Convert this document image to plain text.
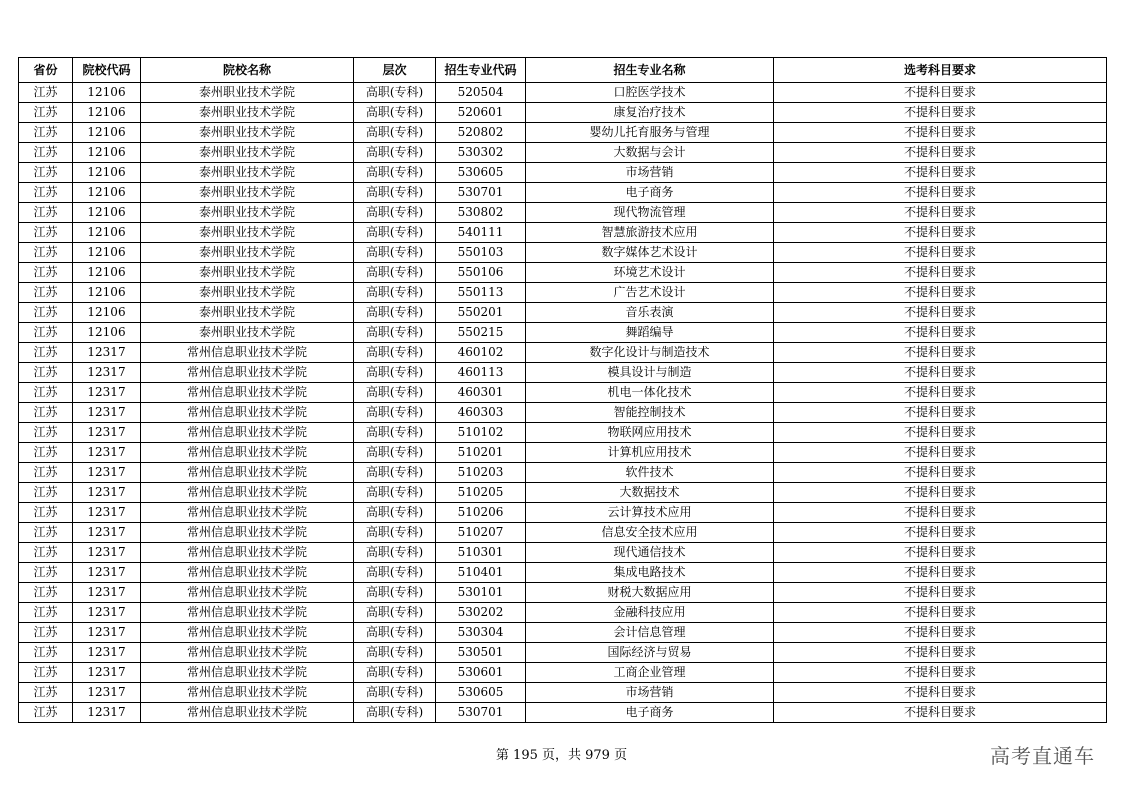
省份	院校代码	院校名称	层次	招生专业代码	招生专业名称	选考科目要求
江苏	12106	泰州职业技术学院	高职(专科)	520504	口腔医学技术	不提科目要求
江苏	12106	泰州职业技术学院	高职(专科)	520601	康复治疗技术	不提科目要求
江苏	12106	泰州职业技术学院	高职(专科)	520802	婴幼儿托育服务与管理	不提科目要求
江苏	12106	泰州职业技术学院	高职(专科)	530302	大数据与会计	不提科目要求
江苏	12106	泰州职业技术学院	高职(专科)	530605	市场营销	不提科目要求
江苏	12106	泰州职业技术学院	高职(专科)	530701	电子商务	不提科目要求
江苏	12106	泰州职业技术学院	高职(专科)	530802	现代物流管理	不提科目要求
江苏	12106	泰州职业技术学院	高职(专科)	540111	智慧旅游技术应用	不提科目要求
江苏	12106	泰州职业技术学院	高职(专科)	550103	数字媒体艺术设计	不提科目要求
江苏	12106	泰州职业技术学院	高职(专科)	550106	环境艺术设计	不提科目要求
江苏	12106	泰州职业技术学院	高职(专科)	550113	广告艺术设计	不提科目要求
江苏	12106	泰州职业技术学院	高职(专科)	550201	音乐表演	不提科目要求
江苏	12106	泰州职业技术学院	高职(专科)	550215	舞蹈编导	不提科目要求
江苏	12317	常州信息职业技术学院	高职(专科)	460102	数字化设计与制造技术	不提科目要求
江苏	12317	常州信息职业技术学院	高职(专科)	460113	模具设计与制造	不提科目要求
江苏	12317	常州信息职业技术学院	高职(专科)	460301	机电一体化技术	不提科目要求
江苏	12317	常州信息职业技术学院	高职(专科)	460303	智能控制技术	不提科目要求
江苏	12317	常州信息职业技术学院	高职(专科)	510102	物联网应用技术	不提科目要求
江苏	12317	常州信息职业技术学院	高职(专科)	510201	计算机应用技术	不提科目要求
江苏	12317	常州信息职业技术学院	高职(专科)	510203	软件技术	不提科目要求
江苏	12317	常州信息职业技术学院	高职(专科)	510205	大数据技术	不提科目要求
江苏	12317	常州信息职业技术学院	高职(专科)	510206	云计算技术应用	不提科目要求
江苏	12317	常州信息职业技术学院	高职(专科)	510207	信息安全技术应用	不提科目要求
江苏	12317	常州信息职业技术学院	高职(专科)	510301	现代通信技术	不提科目要求
江苏	12317	常州信息职业技术学院	高职(专科)	510401	集成电路技术	不提科目要求
江苏	12317	常州信息职业技术学院	高职(专科)	530101	财税大数据应用	不提科目要求
江苏	12317	常州信息职业技术学院	高职(专科)	530202	金融科技应用	不提科目要求
江苏	12317	常州信息职业技术学院	高职(专科)	530304	会计信息管理	不提科目要求
江苏	12317	常州信息职业技术学院	高职(专科)	530501	国际经济与贸易	不提科目要求
江苏	12317	常州信息职业技术学院	高职(专科)	530601	工商企业管理	不提科目要求
江苏	12317	常州信息职业技术学院	高职(专科)	530605	市场营销	不提科目要求
江苏	12317	常州信息职业技术学院	高职(专科)	530701	电子商务	不提科目要求
第 195 页，共 979 页	高考直通车
